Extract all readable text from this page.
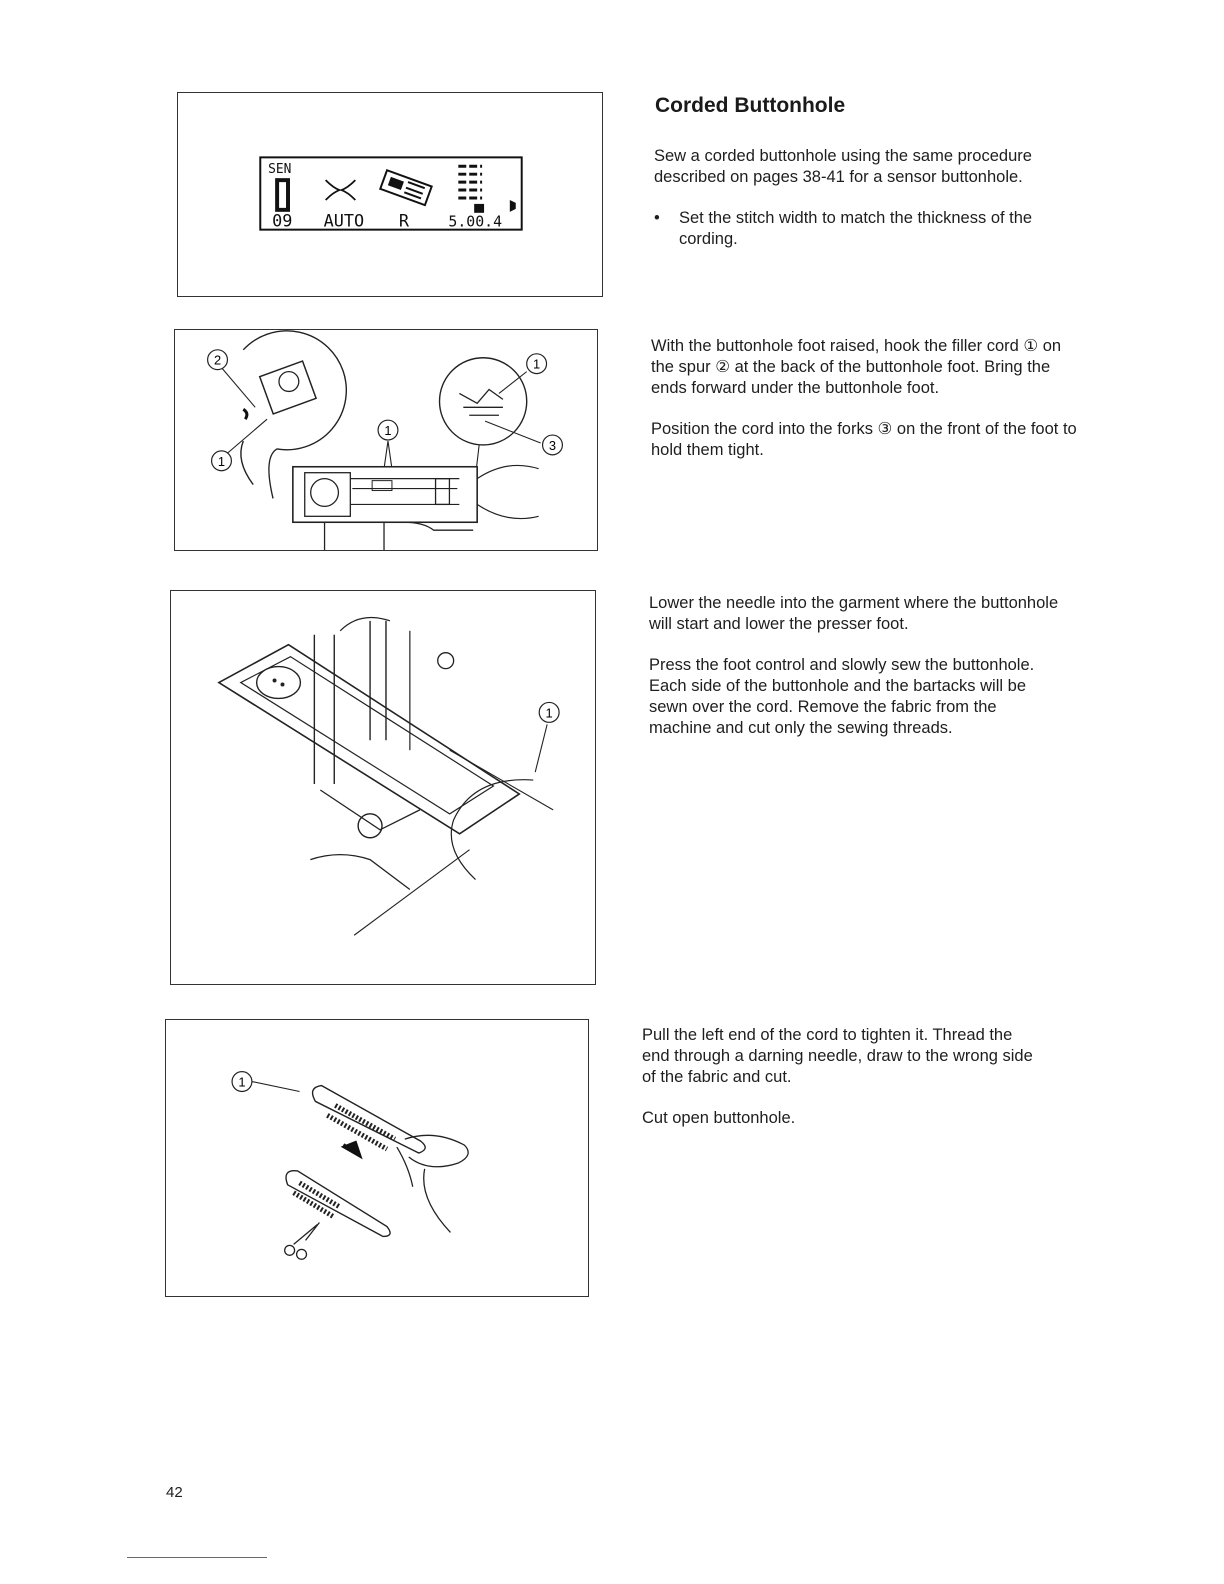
Corded Buttonhole

Sew a corded buttonhole using the same procedure described on pages 38-41 for a sensor buttonhole.

•	Set the stitch width to match the thickness of the cording.

With the buttonhole foot raised, hook the filler cord ① on the spur ② at the back of the buttonhole foot. Bring the ends forward under the buttonhole foot.

Position the cord into the forks ③ on the front of the foot to hold them tight.

Lower the needle into the garment where the buttonhole will start and lower the presser foot.

Press the foot control and slowly sew the buttonhole. Each side of the buttonhole and the bartacks will be sewn over the cord. Remove the fabric from the machine and cut only the sewing threads.

Pull the left end of the cord to tighten it. Thread the end through a darning needle, draw to the wrong side of the fabric and cut.

Cut open buttonhole.

SEN
09 AUTO R	5.00.4
2
1
1
1
3
1
1
42
